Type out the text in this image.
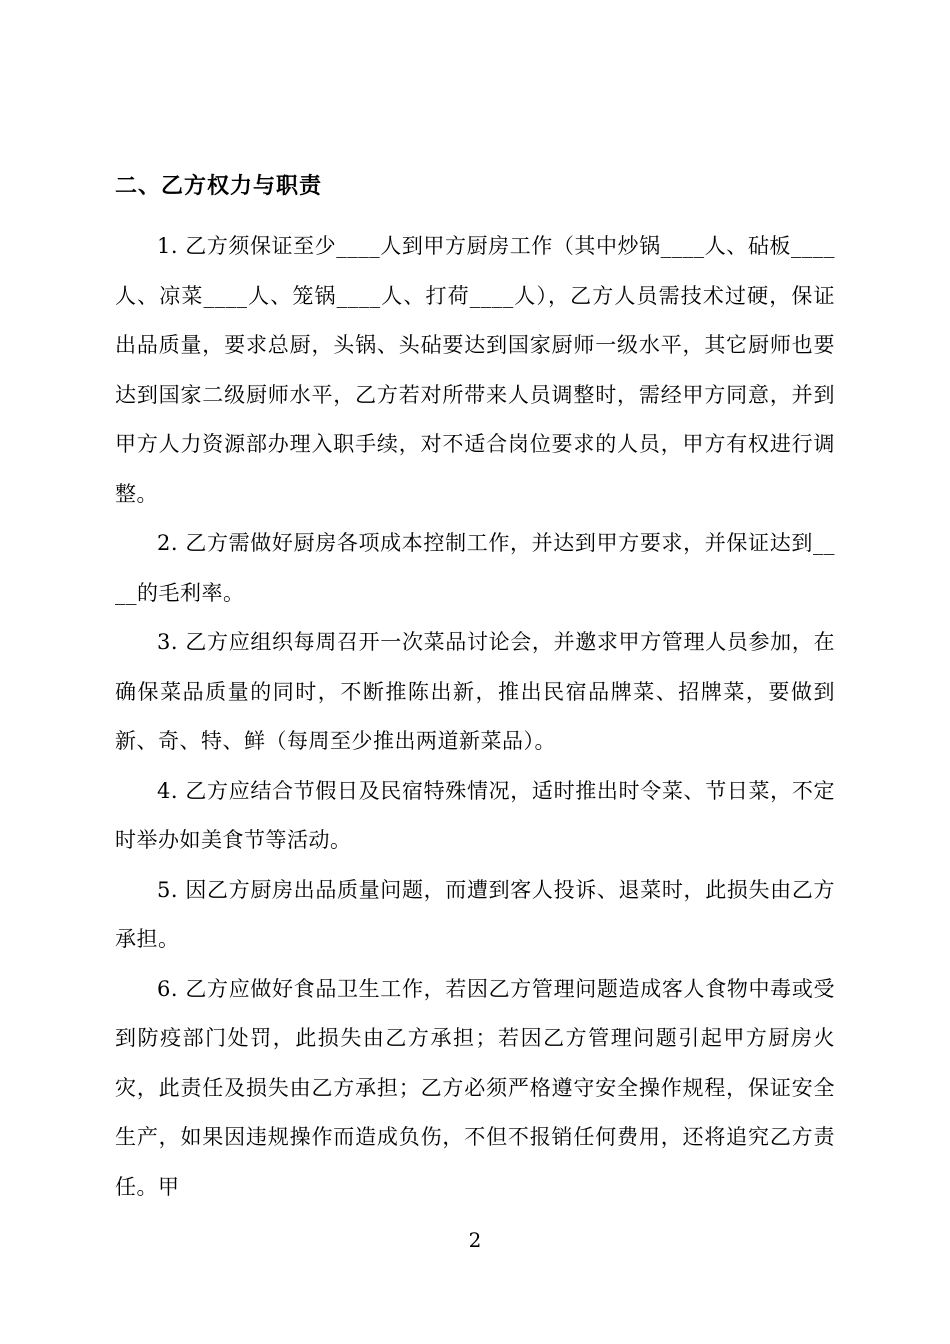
二、乙方权力与职责

1. 乙方须保证至少____人到甲方厨房工作（其中炒锅____人、砧板____人、凉菜____人、笼锅____人、打荷____人），乙方人员需技术过硬，保证出品质量，要求总厨，头锅、头砧要达到国家厨师一级水平，其它厨师也要达到国家二级厨师水平，乙方若对所带来人员调整时，需经甲方同意，并到甲方人力资源部办理入职手续，对不适合岗位要求的人员，甲方有权进行调整。

2. 乙方需做好厨房各项成本控制工作，并达到甲方要求，并保证达到____的毛利率。

3. 乙方应组织每周召开一次菜品讨论会，并邀求甲方管理人员参加，在确保菜品质量的同时，不断推陈出新，推出民宿品牌菜、招牌菜，要做到新、奇、特、鲜（每周至少推出两道新菜品）。

4. 乙方应结合节假日及民宿特殊情况，适时推出时令菜、节日菜，不定时举办如美食节等活动。

5. 因乙方厨房出品质量问题，而遭到客人投诉、退菜时，此损失由乙方承担。

6. 乙方应做好食品卫生工作，若因乙方管理问题造成客人食物中毒或受到防疫部门处罚，此损失由乙方承担；若因乙方管理问题引起甲方厨房火灾，此责任及损失由乙方承担；乙方必须严格遵守安全操作规程，保证安全生产，如果因违规操作而造成负伤，不但不报销任何费用，还将追究乙方责任。甲

2
